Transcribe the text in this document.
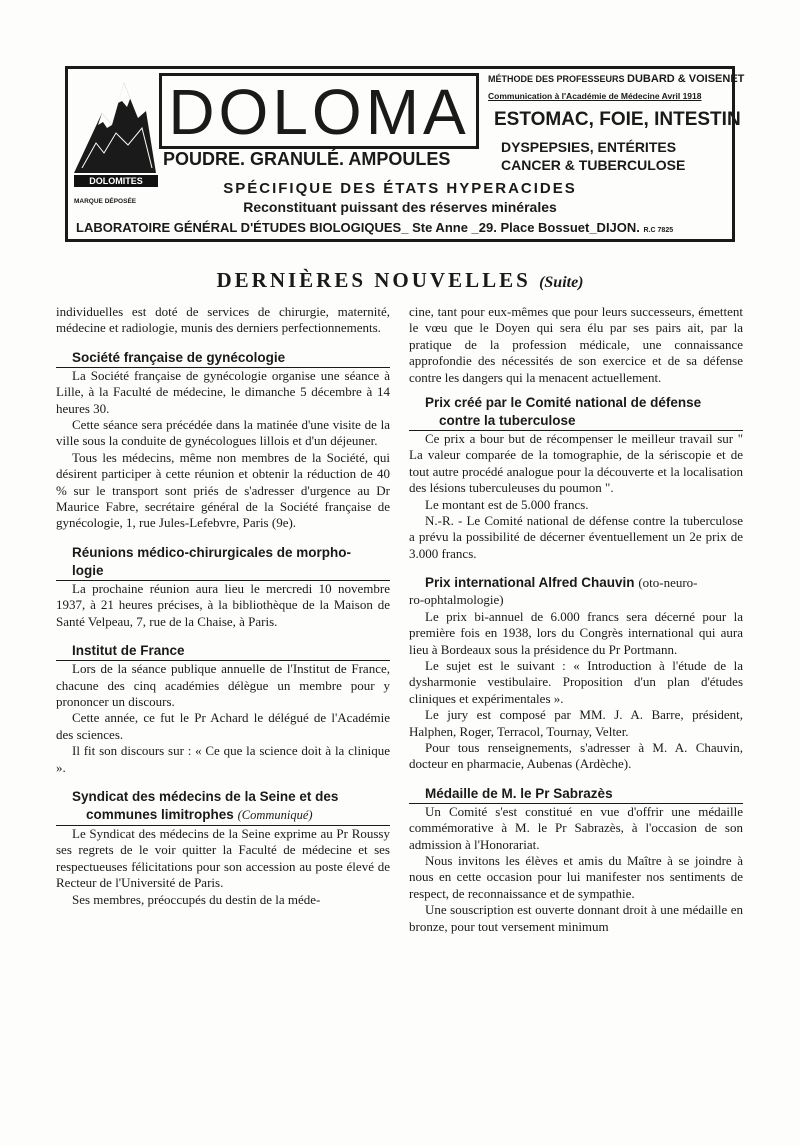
DOLOMITES
MARQUE DÉPOSÉE
DOLOMA
POUDRE. GRANULÉ. AMPOULES
MÉTHODE DES PROFESSEURS DUBARD & VOISENET
Communication à l'Académie de Médecine Avril 1918
ESTOMAC, FOIE, INTESTIN
DYSPEPSIES, ENTÉRITES
CANCER & TUBERCULOSE
SPÉCIFIQUE DES ÉTATS HYPERACIDES
Reconstituant puissant des réserves minérales
LABORATOIRE GÉNÉRAL D'ÉTUDES BIOLOGIQUES_ Ste Anne _29. Place Bossuet_DIJON. R.C 7825
DERNIÈRES NOUVELLES (Suite)

individuelles est doté de services de chirurgie, maternité, médecine et radiologie, munis des derniers perfectionnements.

Société française de gynécologie

La Société française de gynécologie organise une séance à Lille, à la Faculté de médecine, le dimanche 5 décembre à 14 heures 30.

Cette séance sera précédée dans la matinée d'une visite de la ville sous la conduite de gynécologues lillois et d'un déjeuner.

Tous les médecins, même non membres de la Société, qui désirent participer à cette réunion et obtenir la réduction de 40 % sur le transport sont priés de s'adresser d'urgence au Dr Maurice Fabre, secrétaire général de la Société française de gynécologie, 1, rue Jules-Lefebvre, Paris (9e).

Réunions médico-chirurgicales de morpho-

logie

La prochaine réunion aura lieu le mercredi 10 novembre 1937, à 21 heures précises, à la bibliothèque de la Maison de Santé Velpeau, 7, rue de la Chaise, à Paris.

Institut de France

Lors de la séance publique annuelle de l'Institut de France, chacune des cinq académies délègue un membre pour y prononcer un discours.

Cette année, ce fut le Pr Achard le délégué de l'Académie des sciences.

Il fit son discours sur : « Ce que la science doit à la clinique ».

Syndicat des médecins de la Seine et des

communes limitrophes (Communiqué)

Le Syndicat des médecins de la Seine exprime au Pr Roussy ses regrets de le voir quitter la Faculté de médecine et ses respectueuses félicitations pour son accession au poste élevé de Recteur de l'Université de Paris.

Ses membres, préoccupés du destin de la méde-

cine, tant pour eux-mêmes que pour leurs successeurs, émettent le vœu que le Doyen qui sera élu par ses pairs ait, par la pratique de la profession médicale, une connaissance approfondie des nécessités de son exercice et de sa défense contre les dangers qui la menacent actuellement.

Prix créé par le Comité national de défense

contre la tuberculose

Ce prix a bour but de récompenser le meilleur travail sur " La valeur comparée de la tomographie, de la sériscopie et de tout autre procédé analogue pour la découverte et la localisation des lésions tuberculeuses du poumon ".

Le montant est de 5.000 francs.

N.-R. - Le Comité national de défense contre la tuberculose a prévu la possibilité de décerner éventuellement un 2e prix de 3.000 francs.

Prix international Alfred Chauvin (oto-neuro-

ro-ophtalmologie)

Le prix bi-annuel de 6.000 francs sera décerné pour la première fois en 1938, lors du Congrès international qui aura lieu à Bordeaux sous la présidence du Pr Portmann.

Le sujet est le suivant : « Introduction à l'étude de la dysharmonie vestibulaire. Proposition d'un plan d'études cliniques et expérimentales ».

Le jury est composé par MM. J. A. Barre, président, Halphen, Roger, Terracol, Tournay, Velter.

Pour tous renseignements, s'adresser à M. A. Chauvin, docteur en pharmacie, Aubenas (Ardèche).

Médaille de M. le Pr Sabrazès

Un Comité s'est constitué en vue d'offrir une médaille commémorative à M. le Pr Sabrazès, à l'occasion de son admission à l'Honorariat.

Nous invitons les élèves et amis du Maître à se joindre à nous en cette occasion pour lui manifester nos sentiments de respect, de reconnaissance et de sympathie.

Une souscription est ouverte donnant droit à une médaille en bronze, pour tout versement minimum
